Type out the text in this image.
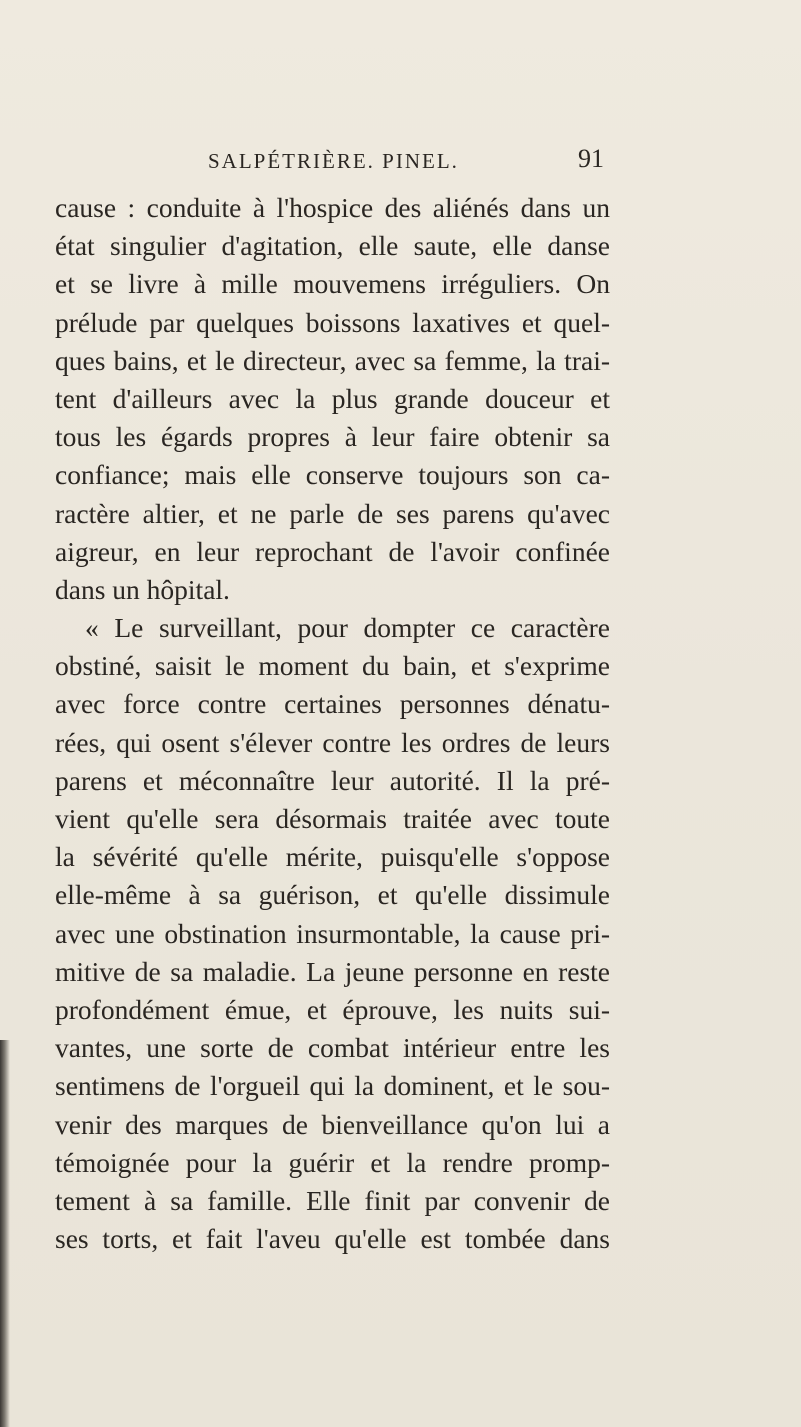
SALPÉTRIÈRE. PINEL.	91
cause : conduite à l'hospice des aliénés dans un
état singulier d'agitation, elle saute, elle danse
et se livre à mille mouvemens irréguliers. On
prélude par quelques boissons laxatives et quel-
ques bains, et le directeur, avec sa femme, la trai-
tent d'ailleurs avec la plus grande douceur et
tous les égards propres à leur faire obtenir sa
confiance; mais elle conserve toujours son ca-
ractère altier, et ne parle de ses parens qu'avec
aigreur, en leur reprochant de l'avoir confinée
dans un hôpital.
« Le surveillant, pour dompter ce caractère
obstiné, saisit le moment du bain, et s'exprime
avec force contre certaines personnes dénatu-
rées, qui osent s'élever contre les ordres de leurs
parens et méconnaître leur autorité. Il la pré-
vient qu'elle sera désormais traitée avec toute
la sévérité qu'elle mérite, puisqu'elle s'oppose
elle-même à sa guérison, et qu'elle dissimule
avec une obstination insurmontable, la cause pri-
mitive de sa maladie. La jeune personne en reste
profondément émue, et éprouve, les nuits sui-
vantes, une sorte de combat intérieur entre les
sentimens de l'orgueil qui la dominent, et le sou-
venir des marques de bienveillance qu'on lui a
témoignée pour la guérir et la rendre promp-
tement à sa famille. Elle finit par convenir de
ses torts, et fait l'aveu qu'elle est tombée dans
